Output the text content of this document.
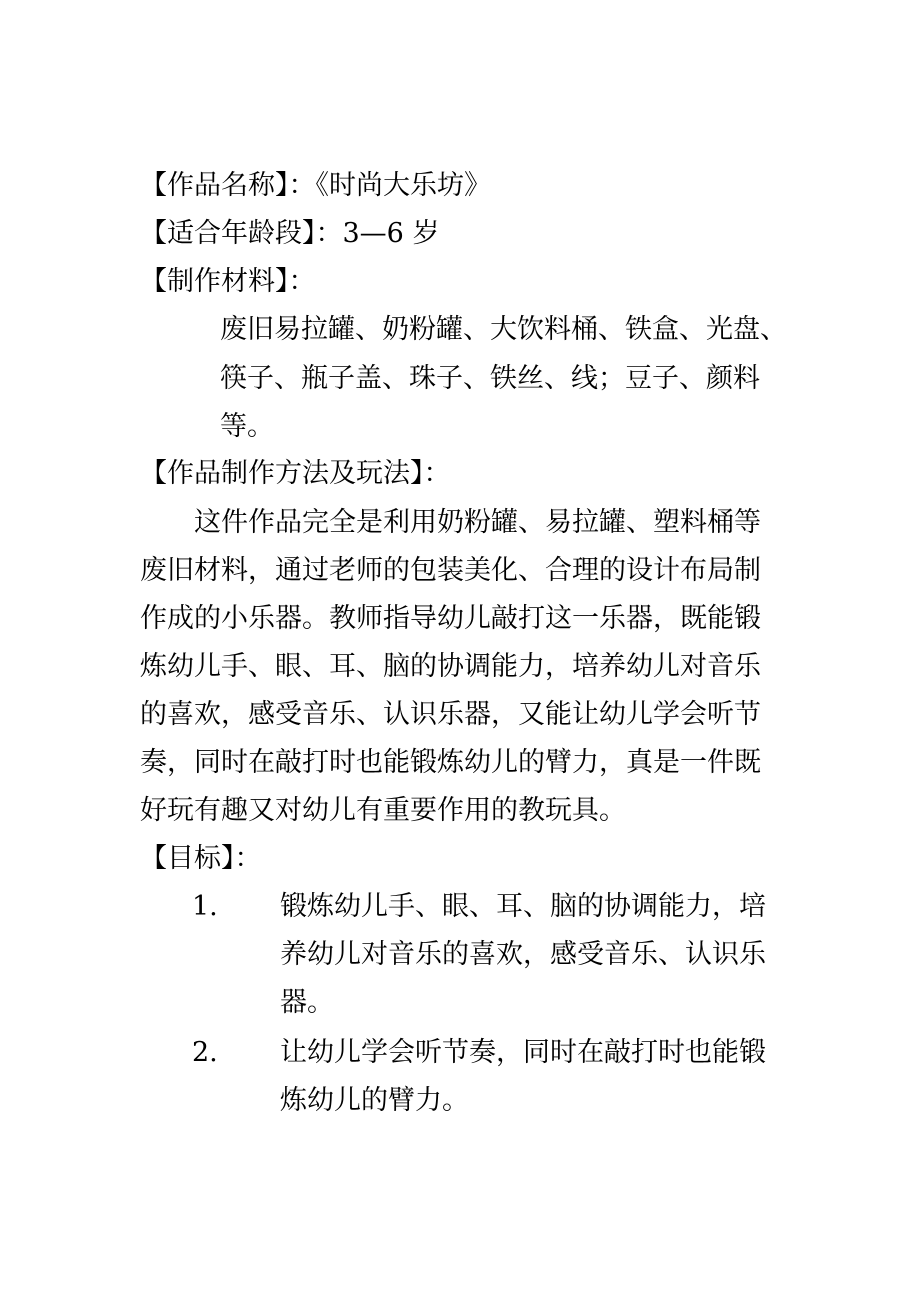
【作品名称】：《时尚大乐坊》
【适合年龄段】：3—6 岁
【制作材料】：
废旧易拉罐、奶粉罐、大饮料桶、铁盒、光盘、
筷子、瓶子盖、珠子、铁丝、线；豆子、颜料
等。
【作品制作方法及玩法】：
这件作品完全是利用奶粉罐、易拉罐、塑料桶等
废旧材料，通过老师的包装美化、合理的设计布局制
作成的小乐器。教师指导幼儿敲打这一乐器，既能锻
炼幼儿手、眼、耳、脑的协调能力，培养幼儿对音乐
的喜欢，感受音乐、认识乐器，又能让幼儿学会听节
奏，同时在敲打时也能锻炼幼儿的臂力，真是一件既
好玩有趣又对幼儿有重要作用的教玩具。
【目标】：
1. 锻炼幼儿手、眼、耳、脑的协调能力，培
养幼儿对音乐的喜欢，感受音乐、认识乐
器。
2. 让幼儿学会听节奏，同时在敲打时也能锻
炼幼儿的臂力。
